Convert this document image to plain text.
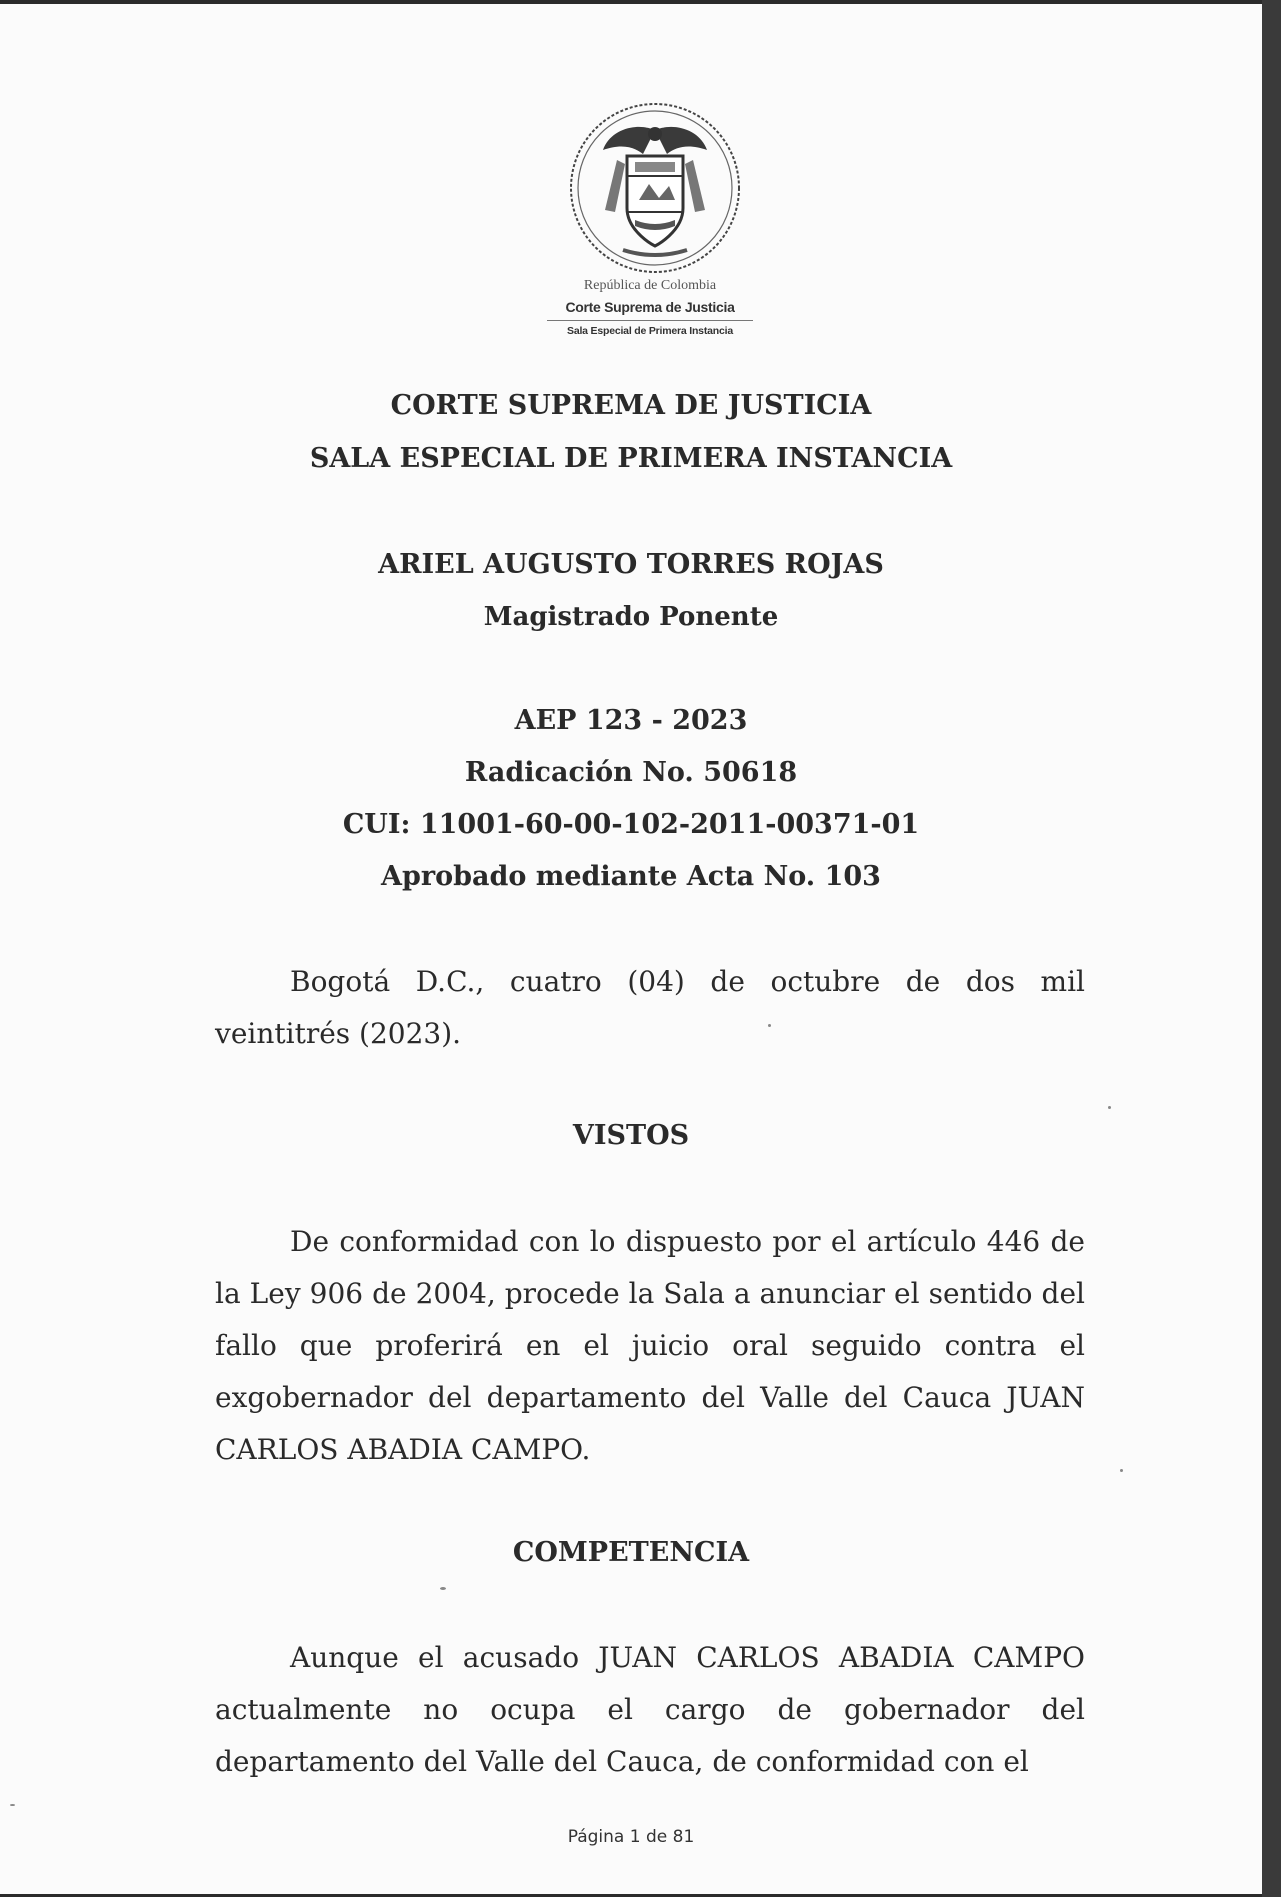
República de Colombia
Corte Suprema de Justicia
Sala Especial de Primera Instancia
CORTE SUPREMA DE JUSTICIA
SALA ESPECIAL DE PRIMERA INSTANCIA
ARIEL AUGUSTO TORRES ROJAS
Magistrado Ponente
AEP 123 - 2023
Radicación No. 50618
CUI: 11001-60-00-102-2011-00371-01
Aprobado mediante Acta No. 103
Bogotá D.C., cuatro (04) de octubre de dos mil veintitrés (2023).
VISTOS
De conformidad con lo dispuesto por el artículo 446 de la Ley 906 de 2004, procede la Sala a anunciar el sentido del fallo que proferirá en el juicio oral seguido contra el exgobernador del departamento del Valle del Cauca JUAN CARLOS ABADIA CAMPO.
COMPETENCIA
Aunque el acusado JUAN CARLOS ABADIA CAMPO actualmente no ocupa el cargo de gobernador del departamento del Valle del Cauca, de conformidad con el
Página 1 de 81
